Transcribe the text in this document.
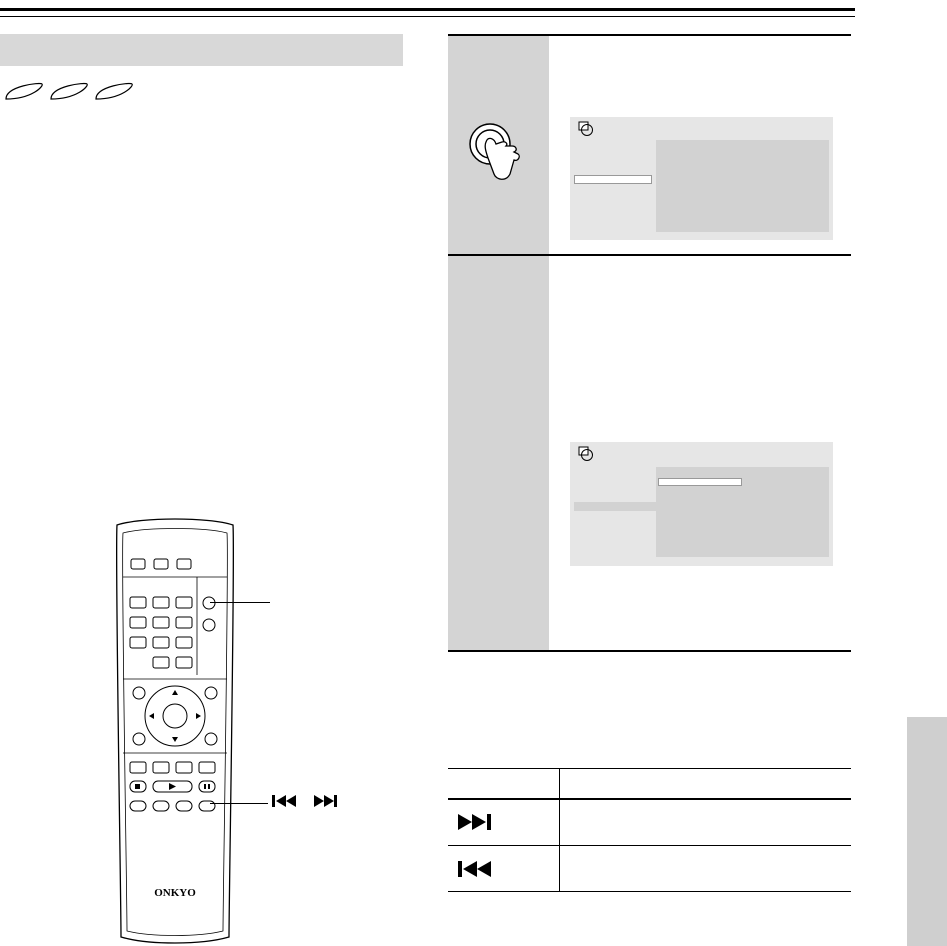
ONKYO
